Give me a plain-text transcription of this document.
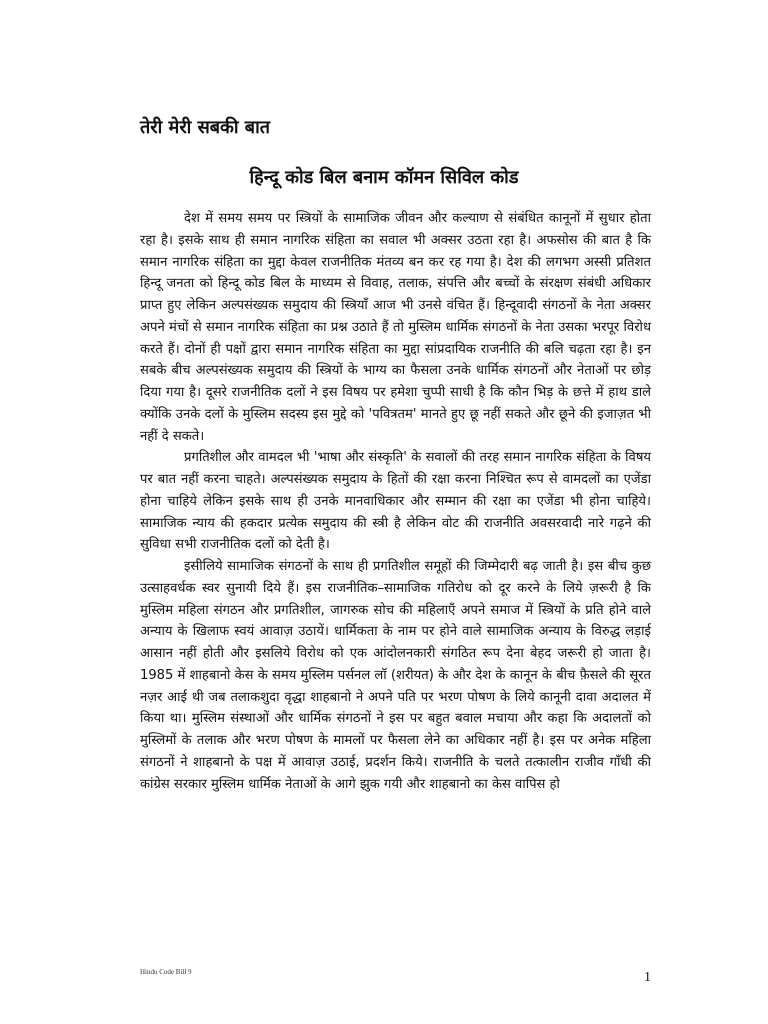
तेरी मेरी सबकी बात
हिन्दू कोड बिल बनाम कॉमन सिविल कोड

देश में समय समय पर स्त्रियों के सामाजिक जीवन और कल्याण से संबंधित कानूनों में सुधार होता रहा है। इसके साथ ही समान नागरिक संहिता का सवाल भी अक्सर उठता रहा है। अफसोस की बात है कि समान नागरिक संहिता का मुद्दा केवल राजनीतिक मंतव्य बन कर रह गया है। देश की लगभग अस्सी प्रतिशत हिन्दू जनता को हिन्दू कोड बिल के माध्यम से विवाह, तलाक, संपत्ति और बच्चों के संरक्षण संबंधी अधिकार प्राप्त हुए लेकिन अल्पसंख्यक समुदाय की स्त्रियाँ आज भी उनसे वंचित हैं। हिन्दूवादी संगठनों के नेता अक्सर अपने मंचों से समान नागरिक संहिता का प्रश्न उठाते हैं तो मुस्लिम धार्मिक संगठनों के नेता उसका भरपूर विरोध करते हैं। दोनों ही पक्षों द्वारा समान नागरिक संहिता का मुद्दा सांप्रदायिक राजनीति की बलि चढ़ता रहा है। इन सबके बीच अल्पसंख्यक समुदाय की स्त्रियों के भाग्य का फैसला उनके धार्मिक संगठनों और नेताओं पर छोड़ दिया गया है। दूसरे राजनीतिक दलों ने इस विषय पर हमेशा चुप्पी साधी है कि कौन भिड़ के छत्ते में हाथ डाले क्योंकि उनके दलों के मुस्लिम सदस्य इस मुद्दे को 'पवित्रतम' मानते हुए छू नहीं सकते और छूने की इजाज़त भी नहीं दे सकते।

प्रगतिशील और वामदल भी 'भाषा और संस्कृति' के सवालों की तरह समान नागरिक संहिता के विषय पर बात नहीं करना चाहते। अल्पसंख्यक समुदाय के हितों की रक्षा करना निश्चित रूप से वामदलों का एजेंडा होना चाहिये लेकिन इसके साथ ही उनके मानवाधिकार और सम्मान की रक्षा का एजेंडा भी होना चाहिये। सामाजिक न्याय की हकदार प्रत्येक समुदाय की स्त्री है लेकिन वोट की राजनीति अवसरवादी नारे गढ़ने की सुविधा सभी राजनीतिक दलों को देती है।

इसीलिये सामाजिक संगठनों के साथ ही प्रगतिशील समूहों की जिम्मेदारी बढ़ जाती है। इस बीच कुछ उत्साहवर्धक स्वर सुनायी दिये हैं। इस राजनीतिक–सामाजिक गतिरोध को दूर करने के लिये ज़रूरी है कि मुस्लिम महिला संगठन और प्रगतिशील, जागरुक सोच की महिलाएँ अपने समाज में स्त्रियों के प्रति होने वाले अन्याय के खिलाफ स्वयं आवाज़ उठायें। धार्मिकता के नाम पर होने वाले सामाजिक अन्याय के विरुद्ध लड़ाई आसान नहीं होती और इसलिये विरोध को एक आंदोलनकारी संगठित रूप देना बेहद जरूरी हो जाता है। 1985 में शाहबानो केस के समय मुस्लिम पर्सनल लॉ (शरीयत) के और देश के कानून के बीच फ़ैसले की सूरत नज़र आई थी जब तलाकशुदा वृद्धा शाहबानो ने अपने पति पर भरण पोषण के लिये कानूनी दावा अदालत में किया था। मुस्लिम संस्थाओं और धार्मिक संगठनों ने इस पर बहुत बवाल मचाया और कहा कि अदालतों को मुस्लिमों के तलाक और भरण पोषण के मामलों पर फैसला लेने का अधिकार नहीं है। इस पर अनेक महिला संगठनों ने शाहबानो के पक्ष में आवाज़ उठाई, प्रदर्शन किये। राजनीति के चलते तत्कालीन राजीव गाँधी की कांग्रेस सरकार मुस्लिम धार्मिक नेताओं के आगे झुक गयी और शाहबानो का केस वापिस हो

Hindu Code Bill 9	1
